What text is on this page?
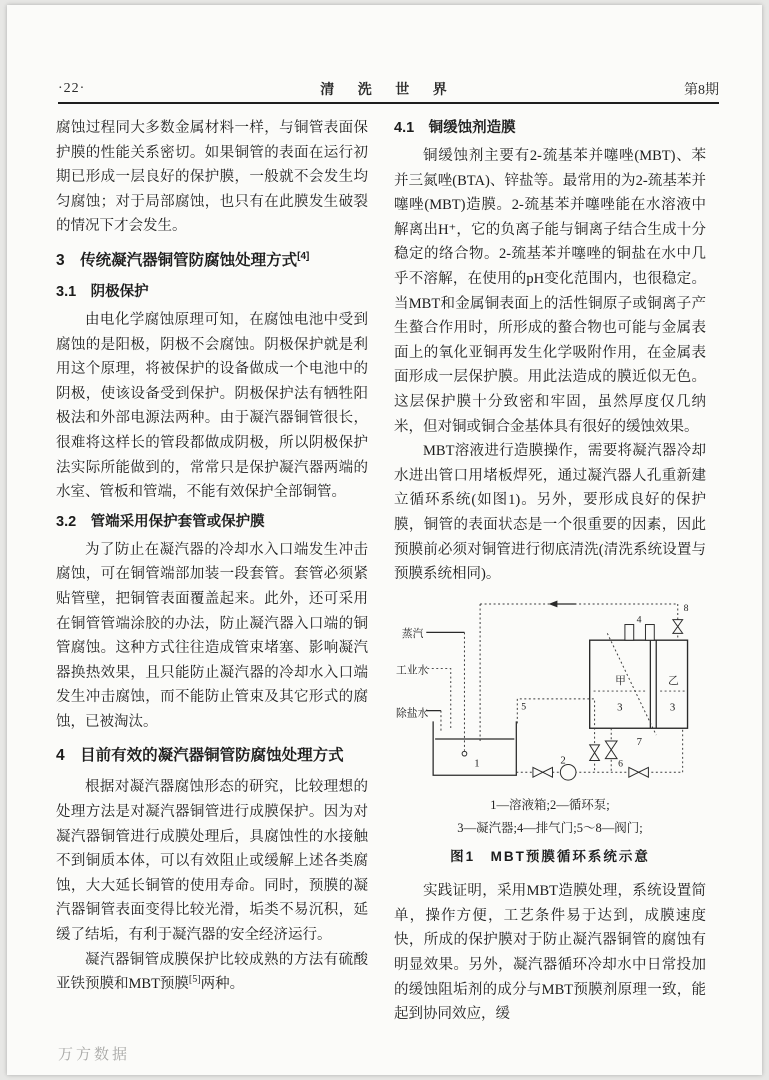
·22·	清 洗 世 界	第8期

腐蚀过程同大多数金属材料一样，与铜管表面保护膜的性能关系密切。如果铜管的表面在运行初期已形成一层良好的保护膜，一般就不会发生均匀腐蚀；对于局部腐蚀，也只有在此膜发生破裂的情况下才会发生。

3　传统凝汽器铜管防腐蚀处理方式[4]

3.1　阴极保护

由电化学腐蚀原理可知，在腐蚀电池中受到腐蚀的是阳极，阴极不会腐蚀。阴极保护就是利用这个原理，将被保护的设备做成一个电池中的阴极，使该设备受到保护。阴极保护法有牺牲阳极法和外部电源法两种。由于凝汽器铜管很长，很难将这样长的管段都做成阴极，所以阴极保护法实际所能做到的，常常只是保护凝汽器两端的水室、管板和管端，不能有效保护全部铜管。

3.2　管端采用保护套管或保护膜

为了防止在凝汽器的冷却水入口端发生冲击腐蚀，可在铜管端部加装一段套管。套管必须紧贴管壁，把铜管表面覆盖起来。此外，还可采用在铜管管端涂胶的办法，防止凝汽器入口端的铜管腐蚀。这种方式往往造成管束堵塞、影响凝汽器换热效果，且只能防止凝汽器的冷却水入口端发生冲击腐蚀，而不能防止管束及其它形式的腐蚀，已被淘汰。

4　目前有效的凝汽器铜管防腐蚀处理方式

根据对凝汽器腐蚀形态的研究，比较理想的处理方法是对凝汽器铜管进行成膜保护。因为对凝汽器铜管进行成膜处理后，具腐蚀性的水接触不到铜质本体，可以有效阻止或缓解上述各类腐蚀，大大延长铜管的使用寿命。同时，预膜的凝汽器铜管表面变得比较光滑，垢类不易沉积，延缓了结垢，有利于凝汽器的安全经济运行。

凝汽器铜管成膜保护比较成熟的方法有硫酸亚铁预膜和MBT预膜[5]两种。

4.1　铜缓蚀剂造膜

铜缓蚀剂主要有2-巯基苯并噻唑(MBT)、苯并三氮唑(BTA)、锌盐等。最常用的为2-巯基苯并噻唑(MBT)造膜。2-巯基苯并噻唑能在水溶液中解离出H⁺，它的负离子能与铜离子结合生成十分稳定的络合物。2-巯基苯并噻唑的铜盐在水中几乎不溶解，在使用的pH变化范围内，也很稳定。当MBT和金属铜表面上的活性铜原子或铜离子产生螯合作用时，所形成的螯合物也可能与金属表面上的氧化亚铜再发生化学吸附作用，在金属表面形成一层保护膜。用此法造成的膜近似无色。这层保护膜十分致密和牢固，虽然厚度仅几纳米，但对铜或铜合金基体具有很好的缓蚀效果。

MBT溶液进行造膜操作，需要将凝汽器冷却水进出管口用堵板焊死，通过凝汽器人孔重新建立循环系统(如图1)。另外，要形成良好的保护膜，铜管的表面状态是一个很重要的因素，因此预膜前必须对铜管进行彻底清洗(清洗系统设置与预膜系统相同)。

蒸汽
工业水
除盐水
1
8
甲	乙
3	3
4
7
6
5
2

1—溶液箱;2—循环泵;

3—凝汽器;4—排气门;5～8—阀门;

图1　MBT预膜循环系统示意

实践证明，采用MBT造膜处理，系统设置简单，操作方便，工艺条件易于达到，成膜速度快，所成的保护膜对于防止凝汽器铜管的腐蚀有明显效果。另外，凝汽器循环冷却水中日常投加的缓蚀阻垢剂的成分与MBT预膜剂原理一致，能起到协同效应，缓

万方数据
